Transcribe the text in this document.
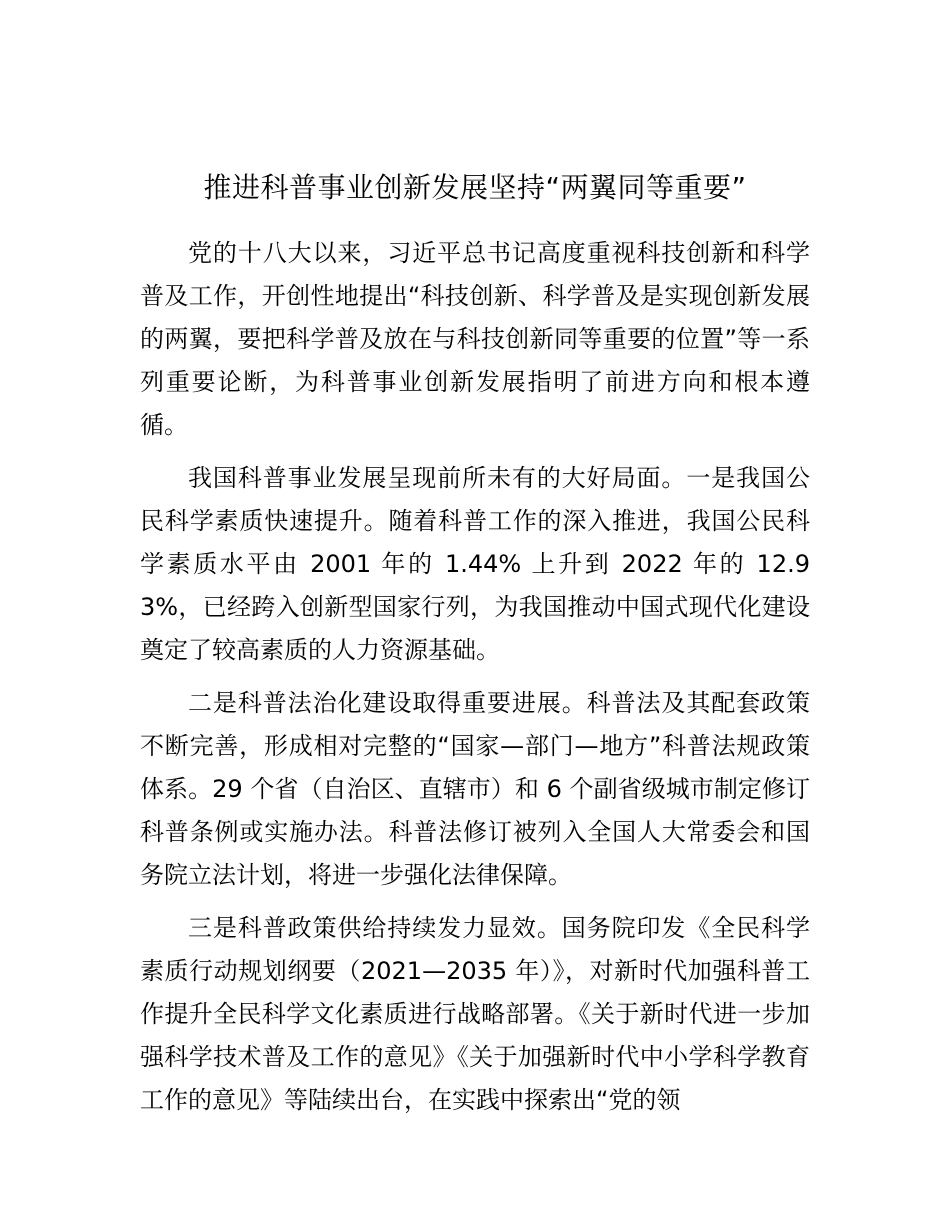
推进科普事业创新发展坚持“两翼同等重要”

党的十八大以来，习近平总书记高度重视科技创新和科学普及工作，开创性地提出“科技创新、科学普及是实现创新发展的两翼，要把科学普及放在与科技创新同等重要的位置”等一系列重要论断，为科普事业创新发展指明了前进方向和根本遵循。

我国科普事业发展呈现前所未有的大好局面。一是我国公民科学素质快速提升。随着科普工作的深入推进，我国公民科学素质水平由 2001 年的 1.44% 上升到 2022 年的 12.93%，已经跨入创新型国家行列，为我国推动中国式现代化建设奠定了较高素质的人力资源基础。

二是科普法治化建设取得重要进展。科普法及其配套政策不断完善，形成相对完整的“国家—部门—地方”科普法规政策体系。29 个省（自治区、直辖市）和 6 个副省级城市制定修订科普条例或实施办法。科普法修订被列入全国人大常委会和国务院立法计划，将进一步强化法律保障。

三是科普政策供给持续发力显效。国务院印发《全民科学素质行动规划纲要（2021—2035 年）》，对新时代加强科普工作提升全民科学文化素质进行战略部署。《关于新时代进一步加强科学技术普及工作的意见》《关于加强新时代中小学科学教育工作的意见》等陆续出台，在实践中探索出“党的领
